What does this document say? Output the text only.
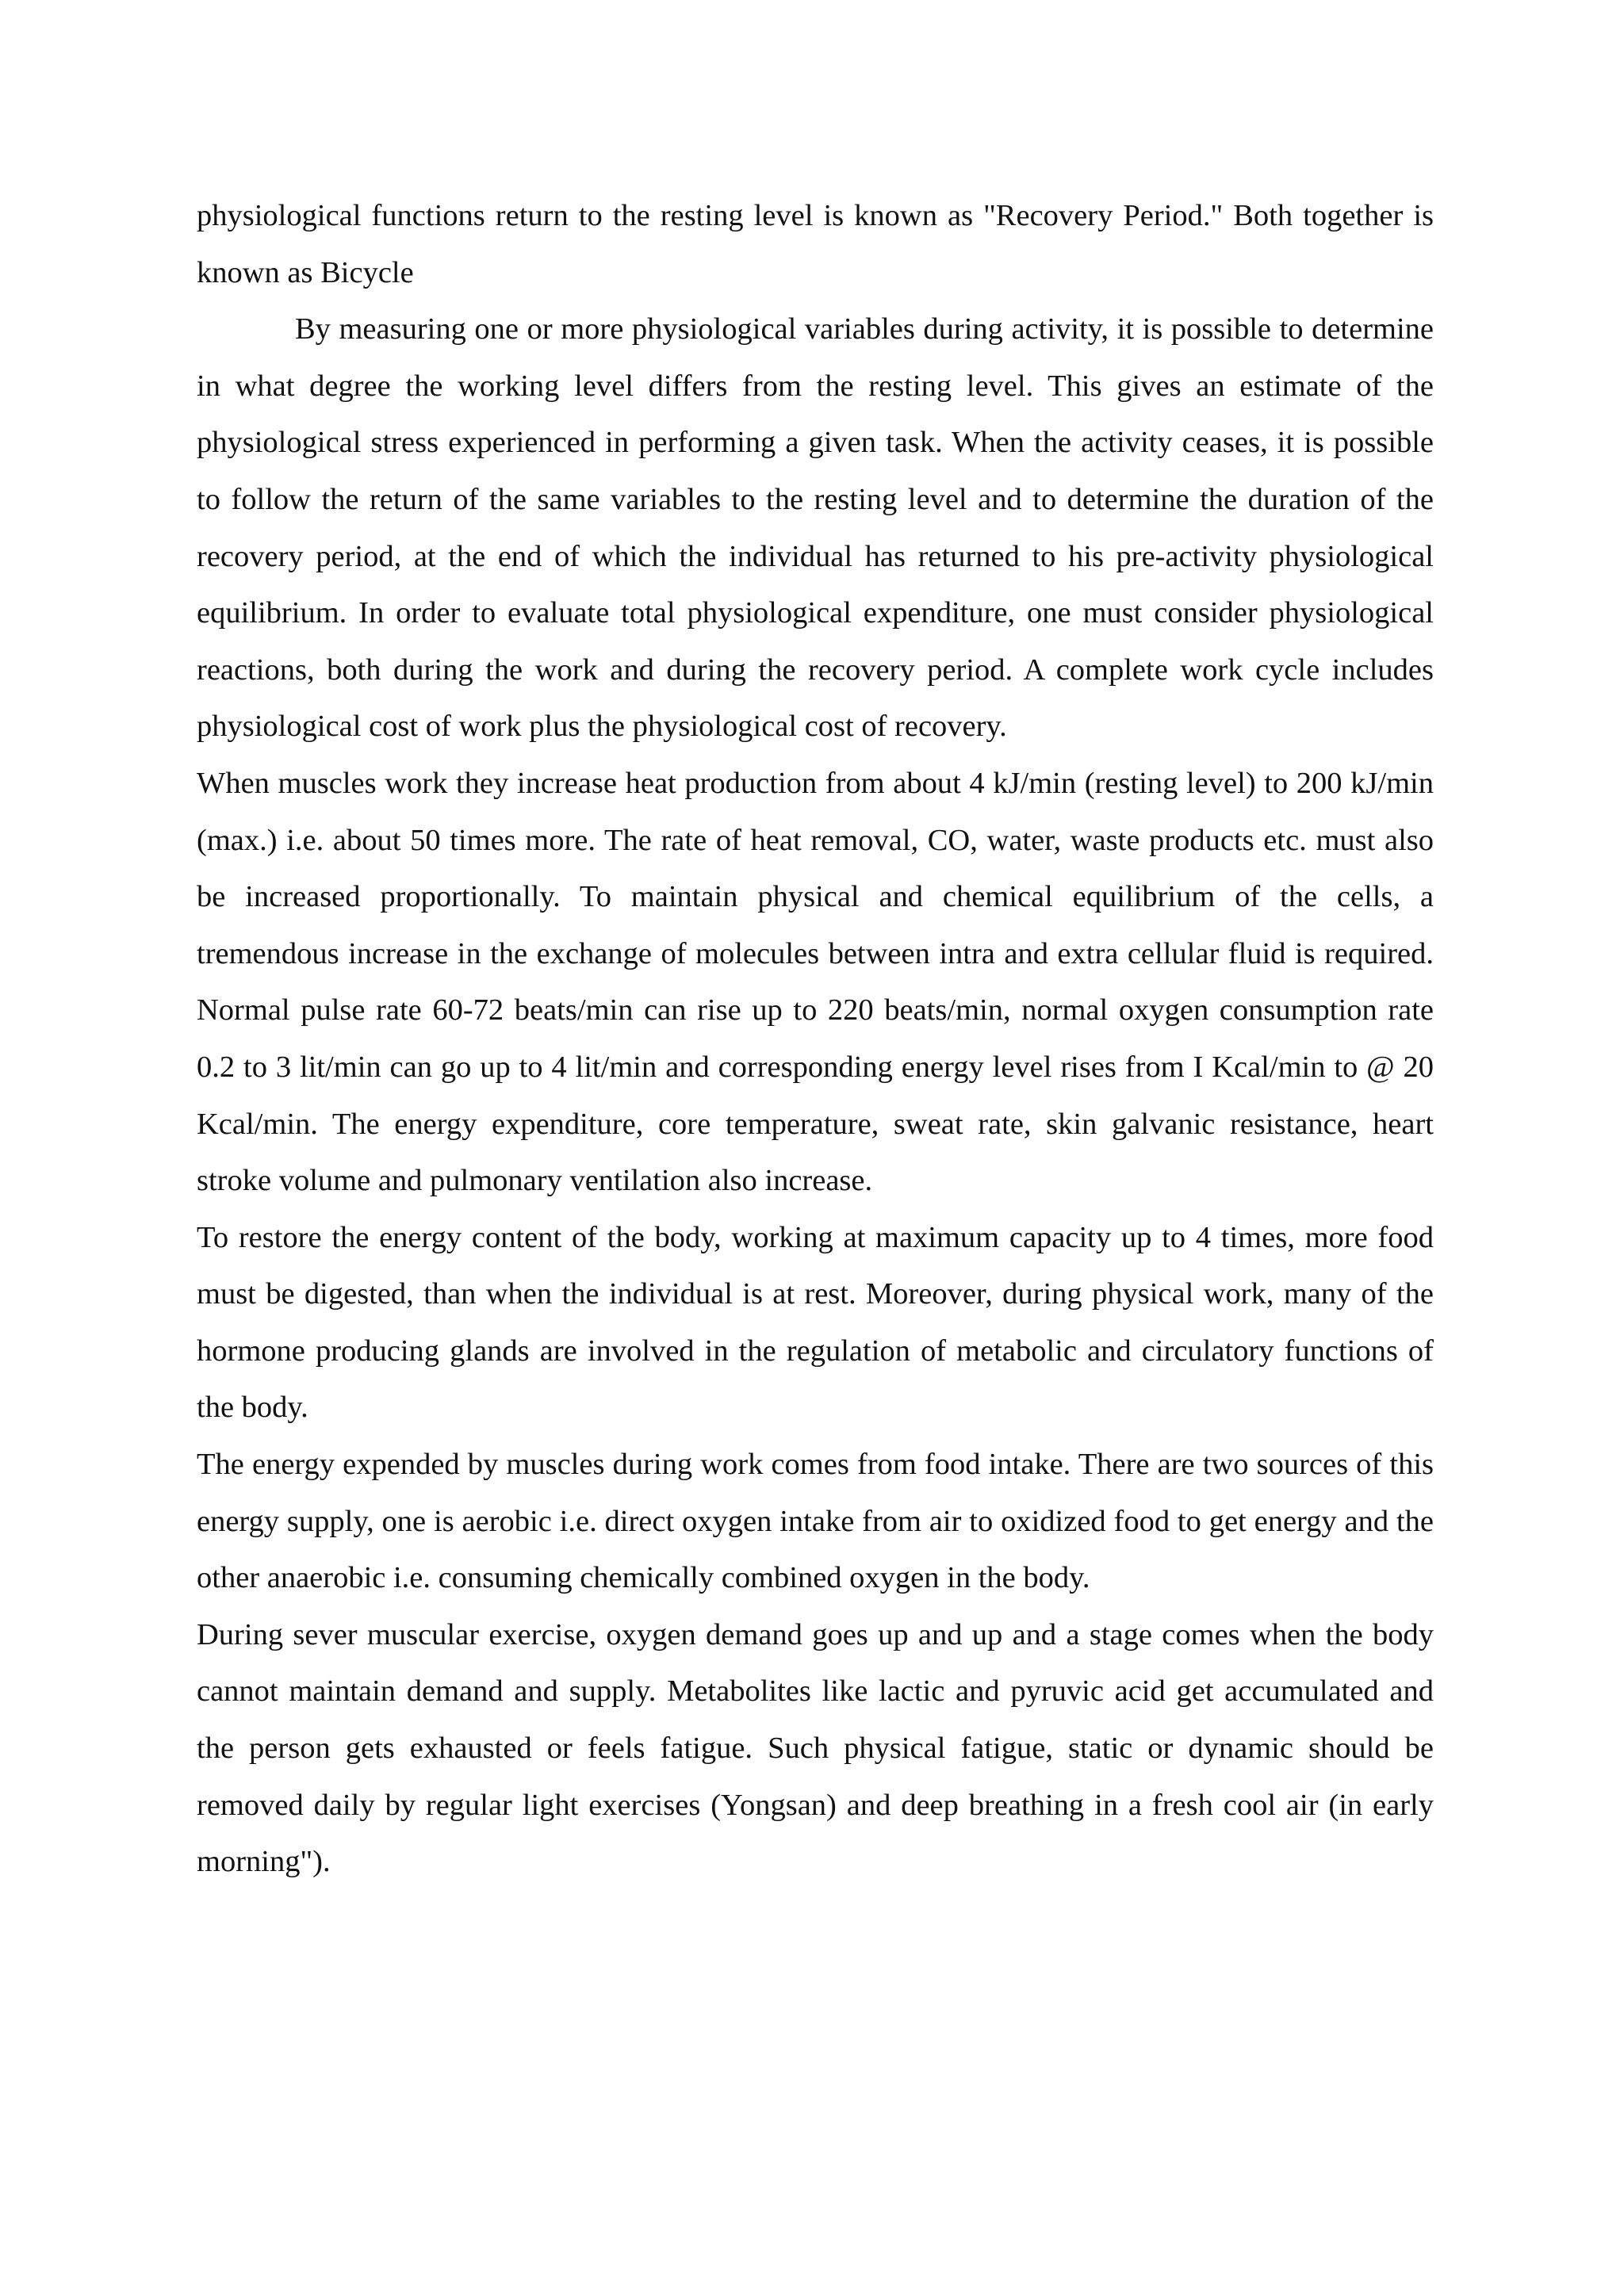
physiological functions return to the resting level is known as "Recovery Period." Both together is known as Bicycle

By measuring one or more physiological variables during activity, it is possible to determine in what degree the working level differs from the resting level. This gives an estimate of the physiological stress experienced in performing a given task. When the activity ceases, it is possible to follow the return of the same variables to the resting level and to determine the duration of the recovery period, at the end of which the individual has returned to his pre-activity physiological equilibrium. In order to evaluate total physiological expenditure, one must consider physiological reactions, both during the work and during the recovery period. A complete work cycle includes physiological cost of work plus the physiological cost of recovery.

When muscles work they increase heat production from about 4 kJ/min (resting level) to 200 kJ/min (max.) i.e. about 50 times more. The rate of heat removal, CO, water, waste products etc. must also be increased proportionally. To maintain physical and chemical equilibrium of the cells, a tremendous increase in the exchange of molecules between intra and extra cellular fluid is required. Normal pulse rate 60-72 beats/min can rise up to 220 beats/min, normal oxygen consumption rate 0.2 to 3 lit/min can go up to 4 lit/min and corresponding energy level rises from I Kcal/min to @ 20 Kcal/min. The energy expenditure, core temperature, sweat rate, skin galvanic resistance, heart stroke volume and pulmonary ventilation also increase.

To restore the energy content of the body, working at maximum capacity up to 4 times, more food must be digested, than when the individual is at rest. Moreover, during physical work, many of the hormone producing glands are involved in the regulation of metabolic and circulatory functions of the body.

The energy expended by muscles during work comes from food intake. There are two sources of this energy supply, one is aerobic i.e. direct oxygen intake from air to oxidized food to get energy and the other anaerobic i.e. consuming chemically combined oxygen in the body.

During sever muscular exercise, oxygen demand goes up and up and a stage comes when the body cannot maintain demand and supply. Metabolites like lactic and pyruvic acid get accumulated and the person gets exhausted or feels fatigue. Such physical fatigue, static or dynamic should be removed daily by regular light exercises (Yongsan) and deep breathing in a fresh cool air (in early morning").
